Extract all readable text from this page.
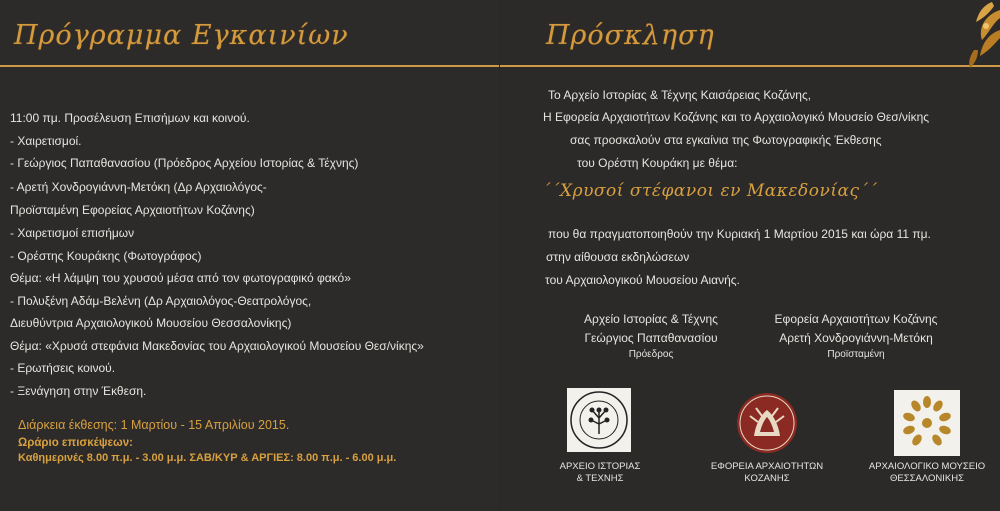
Πρόγραμμα Εγκαινίων
11:00 πμ. Προσέλευση Επισήμων και κοινού.
- Χαιρετισμοί.
- Γεώργιος Παπαθανασίου (Πρόεδρος Αρχείου Ιστορίας & Τέχνης)
- Αρετή Χονδρογιάννη-Μετόκη (Δρ Αρχαιολόγος-
Προϊσταμένη Εφορείας Αρχαιοτήτων Κοζάνης)
- Χαιρετισμοί επισήμων
- Ορέστης Κουράκης (Φωτογράφος)
Θέμα: «Η λάμψη του χρυσού μέσα από τον φωτογραφικό φακό»
- Πολυξένη Αδάμ-Βελένη (Δρ Αρχαιολόγος-Θεατρολόγος,
Διευθύντρια Αρχαιολογικού Μουσείου Θεσσαλονίκης)
Θέμα: «Χρυσά στεφάνια Μακεδονίας του Αρχαιολογικού Μουσείου Θεσ/νίκης»
- Ερωτήσεις κοινού.
- Ξενάγηση στην Έκθεση.
Διάρκεια έκθεσης: 1 Μαρτίου - 15 Απριλίου 2015.
Ωράριο επισκέψεων:
Καθημερινές 8.00 π.μ. - 3.00 μ.μ. ΣΑΒ/ΚΥΡ & ΑΡΓΙΕΣ: 8.00 π.μ. - 6.00 μ.μ.
Πρόσκληση
Το Αρχείο Ιστορίας & Τέχνης Καισάρειας Κοζάνης,
Η Εφορεία Αρχαιοτήτων Κοζάνης και το Αρχαιολογικό Μουσείο Θεσ/νίκης
σας προσκαλούν στα εγκαίνια της Φωτογραφικής Έκθεσης
του Ορέστη Κουράκη με θέμα:
΄΄Χρυσοί στέφανοι εν Μακεδονίας΄΄
που θα πραγματοποιηθούν την Κυριακή 1 Μαρτίου 2015 και ώρα 11 πμ.
στην αίθουσα εκδηλώσεων
του Αρχαιολογικού Μουσείου Αιανής.
Αρχείο Ιστορίας & Τέχνης
Γεώργιος Παπαθανασίου
Πρόεδρος
Εφορεία Αρχαιοτήτων Κοζάνης
Αρετή Χονδρογιάννη-Μετόκη
Προϊσταμένη
ΑΡΧΕΙΟ ΙΣΤΟΡΙΑΣ
& ΤΕΧΝΗΣ
ΕΦΟΡΕΙΑ ΑΡΧΑΙΟΤΗΤΩΝ
ΚΟΖΑΝΗΣ
ΑΡΧΑΙΟΛΟΓΙΚΟ ΜΟΥΣΕΙΟ
ΘΕΣΣΑΛΟΝΙΚΗΣ
